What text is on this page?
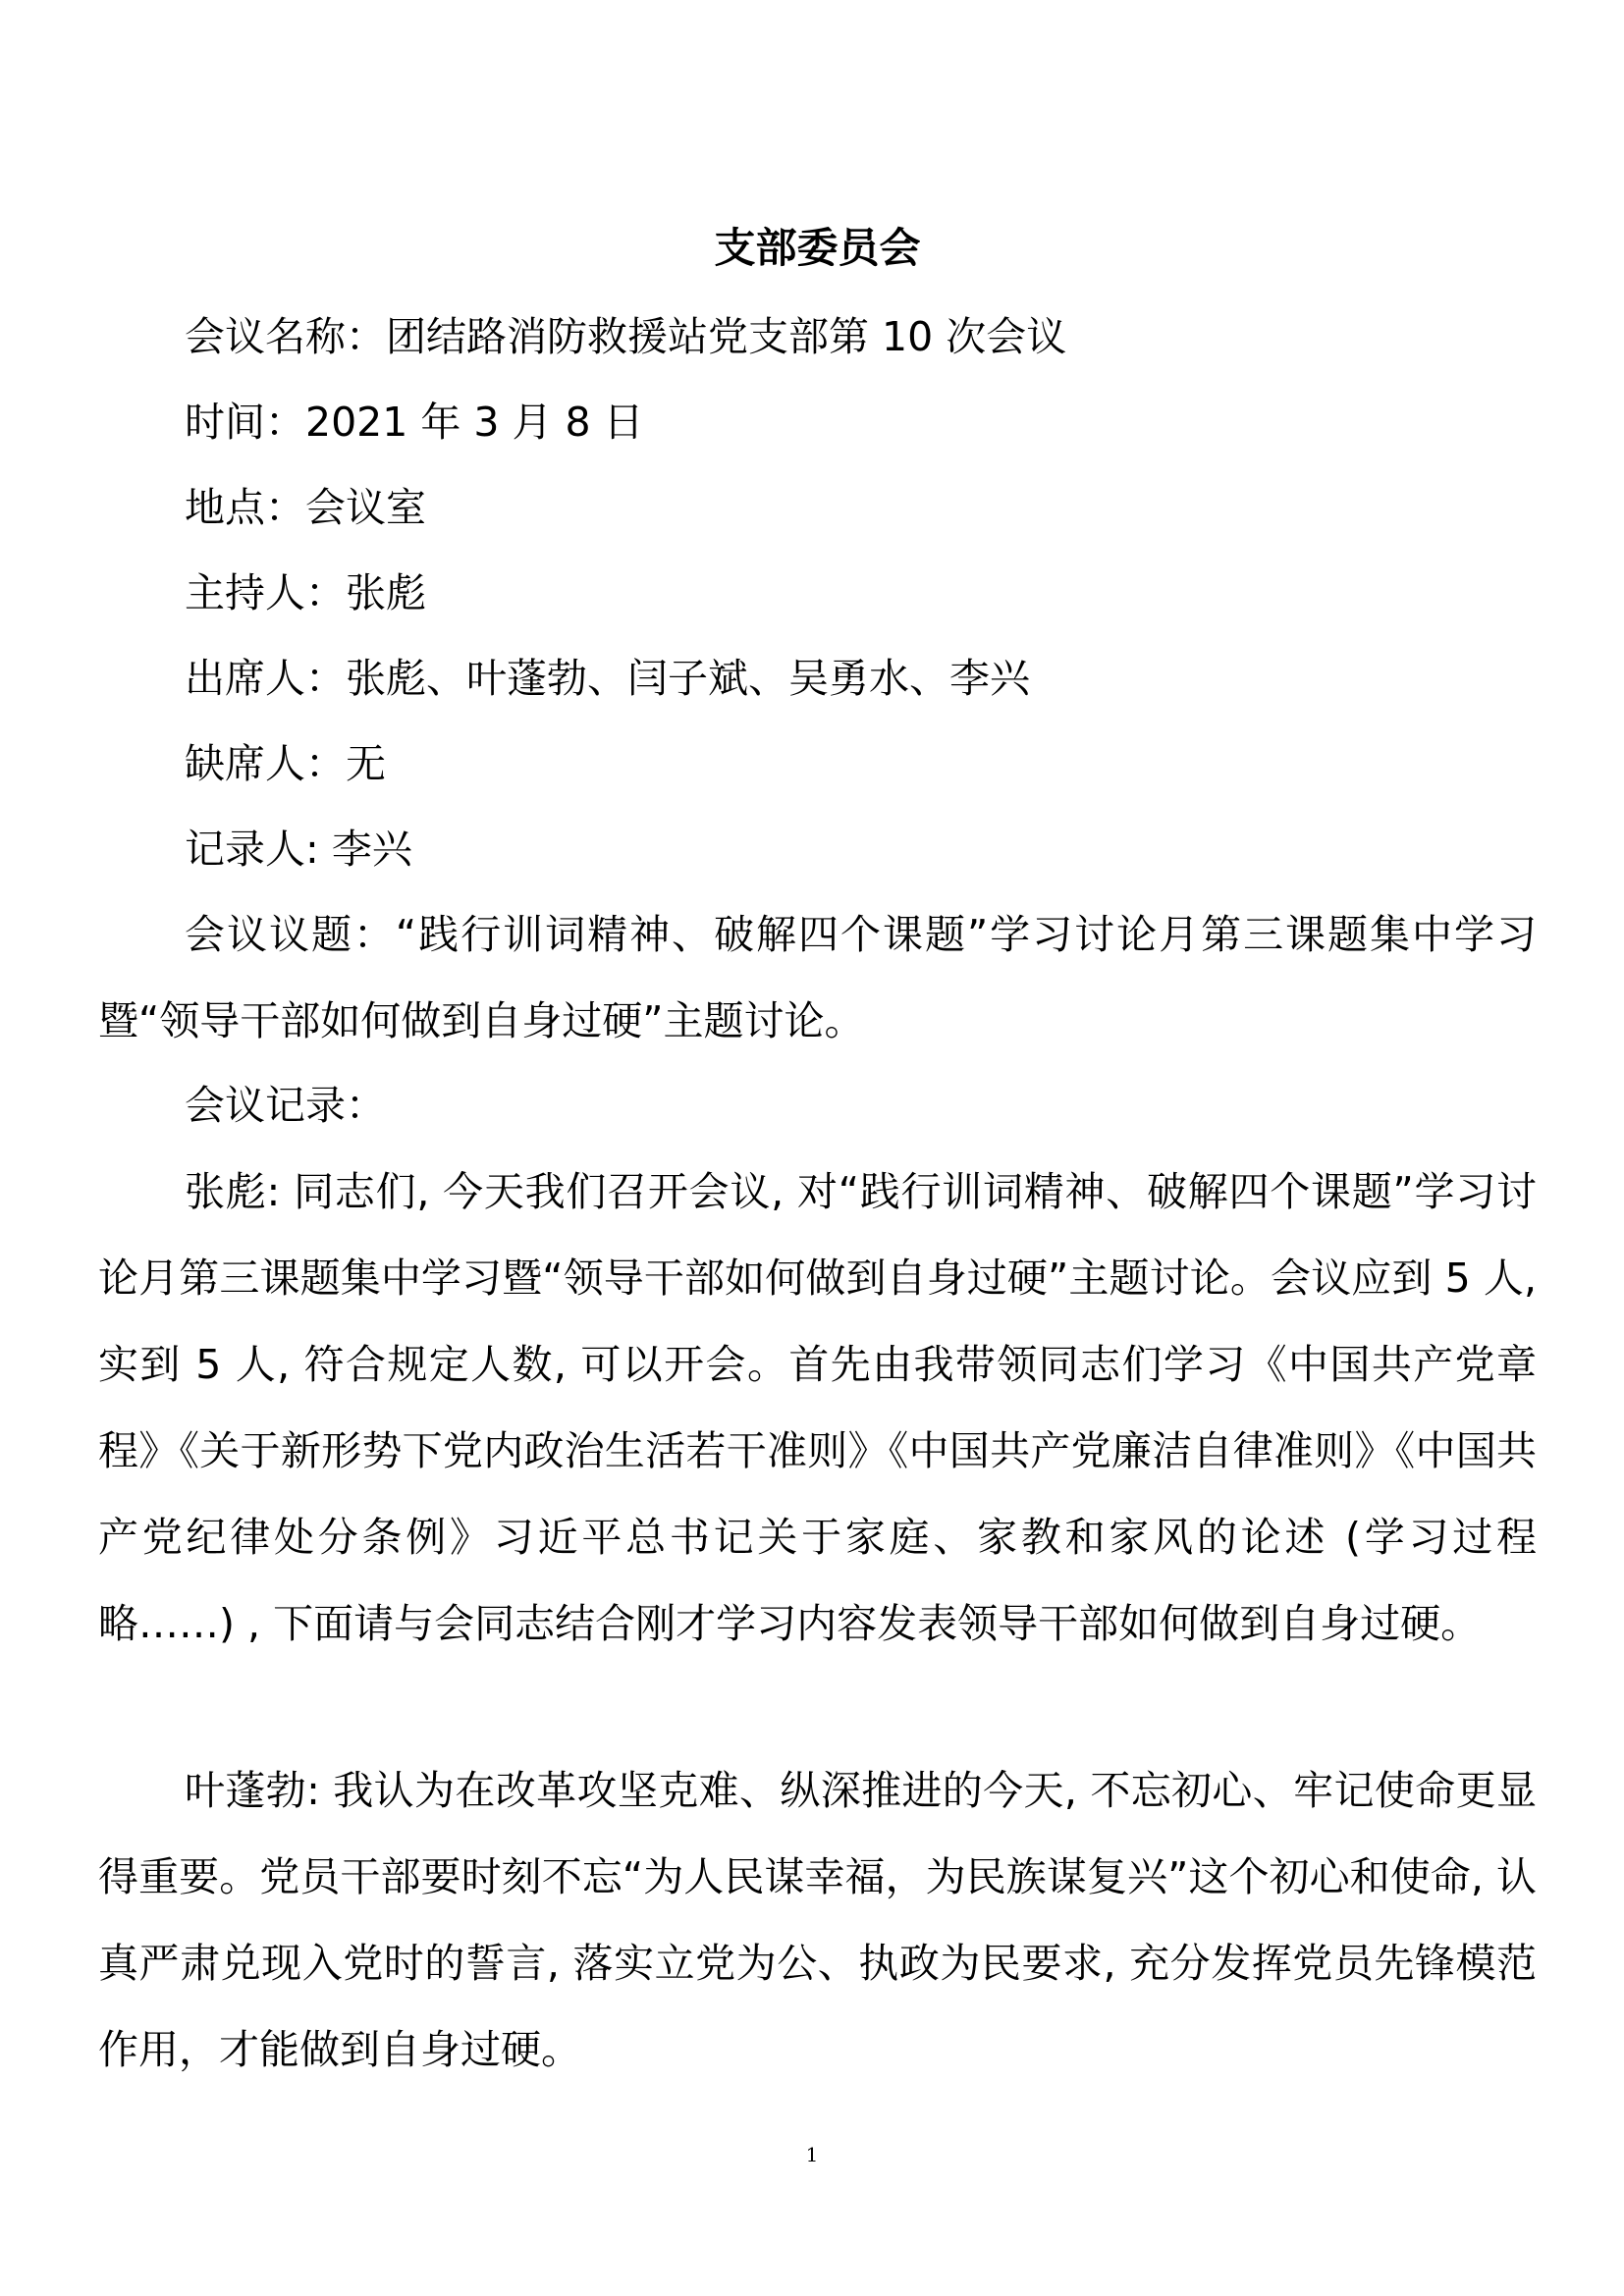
支部委员会

会议名称：团结路消防救援站党支部第 10 次会议

时间：2021 年 3 月 8 日

地点：会议室

主持人：张彪

出席人：张彪、叶蓬勃、闫子斌、吴勇水、李兴

缺席人：无

记录人: 李兴

会议议题：“践行训词精神、破解四个课题”学习讨论月第三课题集中学习暨“领导干部如何做到自身过硬”主题讨论。

会议记录：

张彪: 同志们, 今天我们召开会议, 对“践行训词精神、破解四个课题”学习讨论月第三课题集中学习暨“领导干部如何做到自身过硬”主题讨论。会议应到 5 人, 实到 5 人, 符合规定人数, 可以开会。首先由我带领同志们学习《中国共产党章程》《关于新形势下党内政治生活若干准则》《中国共产党廉洁自律准则》《中国共产党纪律处分条例》习近平总书记关于家庭、家教和家风的论述 (学习过程略……) , 下面请与会同志结合刚才学习内容发表领导干部如何做到自身过硬。

叶蓬勃: 我认为在改革攻坚克难、纵深推进的今天, 不忘初心、牢记使命更显得重要。党员干部要时刻不忘“为人民谋幸福，为民族谋复兴”这个初心和使命, 认真严肃兑现入党时的誓言, 落实立党为公、执政为民要求, 充分发挥党员先锋模范作用，才能做到自身过硬。

1
